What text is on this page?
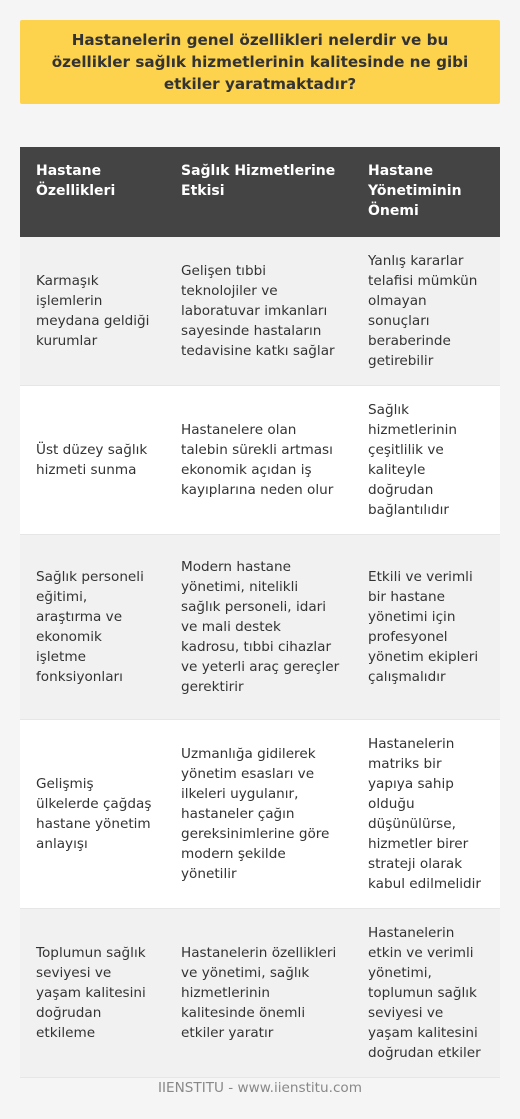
Hastanelerin genel özellikleri nelerdir ve bu özellikler sağlık hizmetlerinin kalitesinde ne gibi etkiler yaratmaktadır?
Hastane Özellikleri	Sağlık Hizmetlerine Etkisi	Hastane Yönetiminin Önemi
Karmaşık işlemlerin meydana geldiği kurumlar	Gelişen tıbbi teknolojiler ve laboratuvar imkanları sayesinde hastaların tedavisine katkı sağlar	Yanlış kararlar telafisi mümkün olmayan sonuçları beraberinde getirebilir
Üst düzey sağlık hizmeti sunma	Hastanelere olan talebin sürekli artması ekonomik açıdan iş kayıplarına neden olur	Sağlık hizmetlerinin çeşitlilik ve kaliteyle doğrudan bağlantılıdır
Sağlık personeli eğitimi, araştırma ve ekonomik işletme fonksiyonları	Modern hastane yönetimi, nitelikli sağlık personeli, idari ve mali destek kadrosu, tıbbi cihazlar ve yeterli araç gereçler gerektirir	Etkili ve verimli bir hastane yönetimi için profesyonel yönetim ekipleri çalışmalıdır
Gelişmiş ülkelerde çağdaş hastane yönetim anlayışı	Uzmanlığa gidilerek yönetim esasları ve ilkeleri uygulanır, hastaneler çağın gereksinimlerine göre modern şekilde yönetilir	Hastanelerin matriks bir yapıya sahip olduğu düşünülürse, hizmetler birer strateji olarak kabul edilmelidir
Toplumun sağlık seviyesi ve yaşam kalitesini doğrudan etkileme	Hastanelerin özellikleri ve yönetimi, sağlık hizmetlerinin kalitesinde önemli etkiler yaratır	Hastanelerin etkin ve verimli yönetimi, toplumun sağlık seviyesi ve yaşam kalitesini doğrudan etkiler
IIENSTITU - www.iienstitu.com
